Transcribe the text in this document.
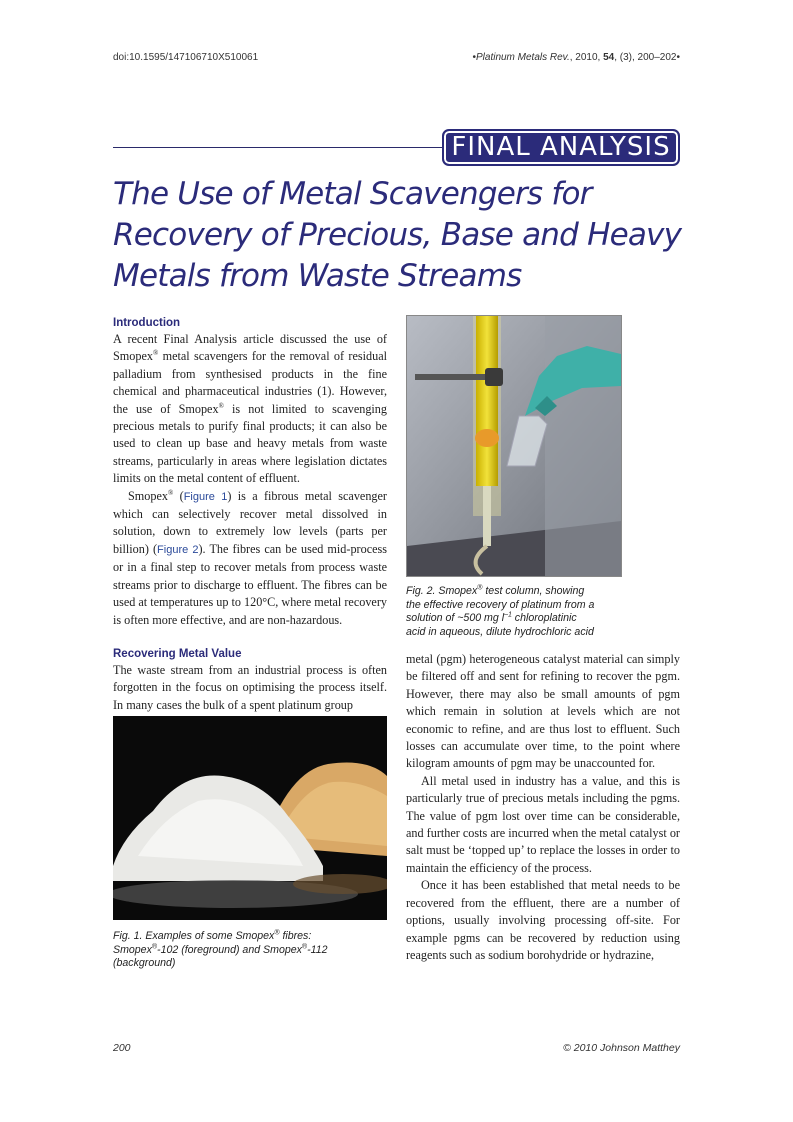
doi:10.1595/147106710X510061	•Platinum Metals Rev., 2010, 54, (3), 200–202•
FINAL ANALYSIS
The Use of Metal Scavengers for
Recovery of Precious, Base and Heavy
Metals from Waste Streams
Introduction

A recent Final Analysis article discussed the use of Smopex® metal scavengers for the removal of residual palladium from synthesised products in the fine chemical and pharmaceutical industries (1). However, the use of Smopex® is not limited to scavenging precious metals to purify final products; it can also be used to clean up base and heavy metals from waste streams, particularly in areas where legislation dictates limits on the metal content of effluent.

Smopex® (Figure 1) is a fibrous metal scavenger which can selectively recover metal dissolved in solution, down to extremely low levels (parts per billion) (Figure 2). The fibres can be used mid-process or in a final step to recover metals from process waste streams prior to discharge to effluent. The fibres can be used at temperatures up to 120°C, where metal recovery is often more effective, and are non-hazardous.

Recovering Metal Value

The waste stream from an industrial process is often forgotten in the focus on optimising the process itself. In many cases the bulk of a spent platinum group

Fig. 2. Smopex® test column, showing
the effective recovery of platinum from a
solution of ~500 mg $l^{-1}$ chloroplatinic
acid in aqueous, dilute hydrochloric acid
Fig. 1. Examples of some Smopex® fibres:
Smopex®-102 (foreground) and Smopex®-112
(background)

metal (pgm) heterogeneous catalyst material can simply be filtered off and sent for refining to recover the pgm. However, there may also be small amounts of pgm which remain in solution at levels which are not economic to refine, and are thus lost to effluent. Such losses can accumulate over time, to the point where kilogram amounts of pgm may be unaccounted for.

All metal used in industry has a value, and this is particularly true of precious metals including the pgms. The value of pgm lost over time can be considerable, and further costs are incurred when the metal catalyst or salt must be ‘topped up’ to replace the losses in order to maintain the efficiency of the process.

Once it has been established that metal needs to be recovered from the effluent, there are a number of options, usually involving processing off-site. For example pgms can be recovered by reduction using reagents such as sodium borohydride or hydrazine,

200	© 2010 Johnson Matthey
